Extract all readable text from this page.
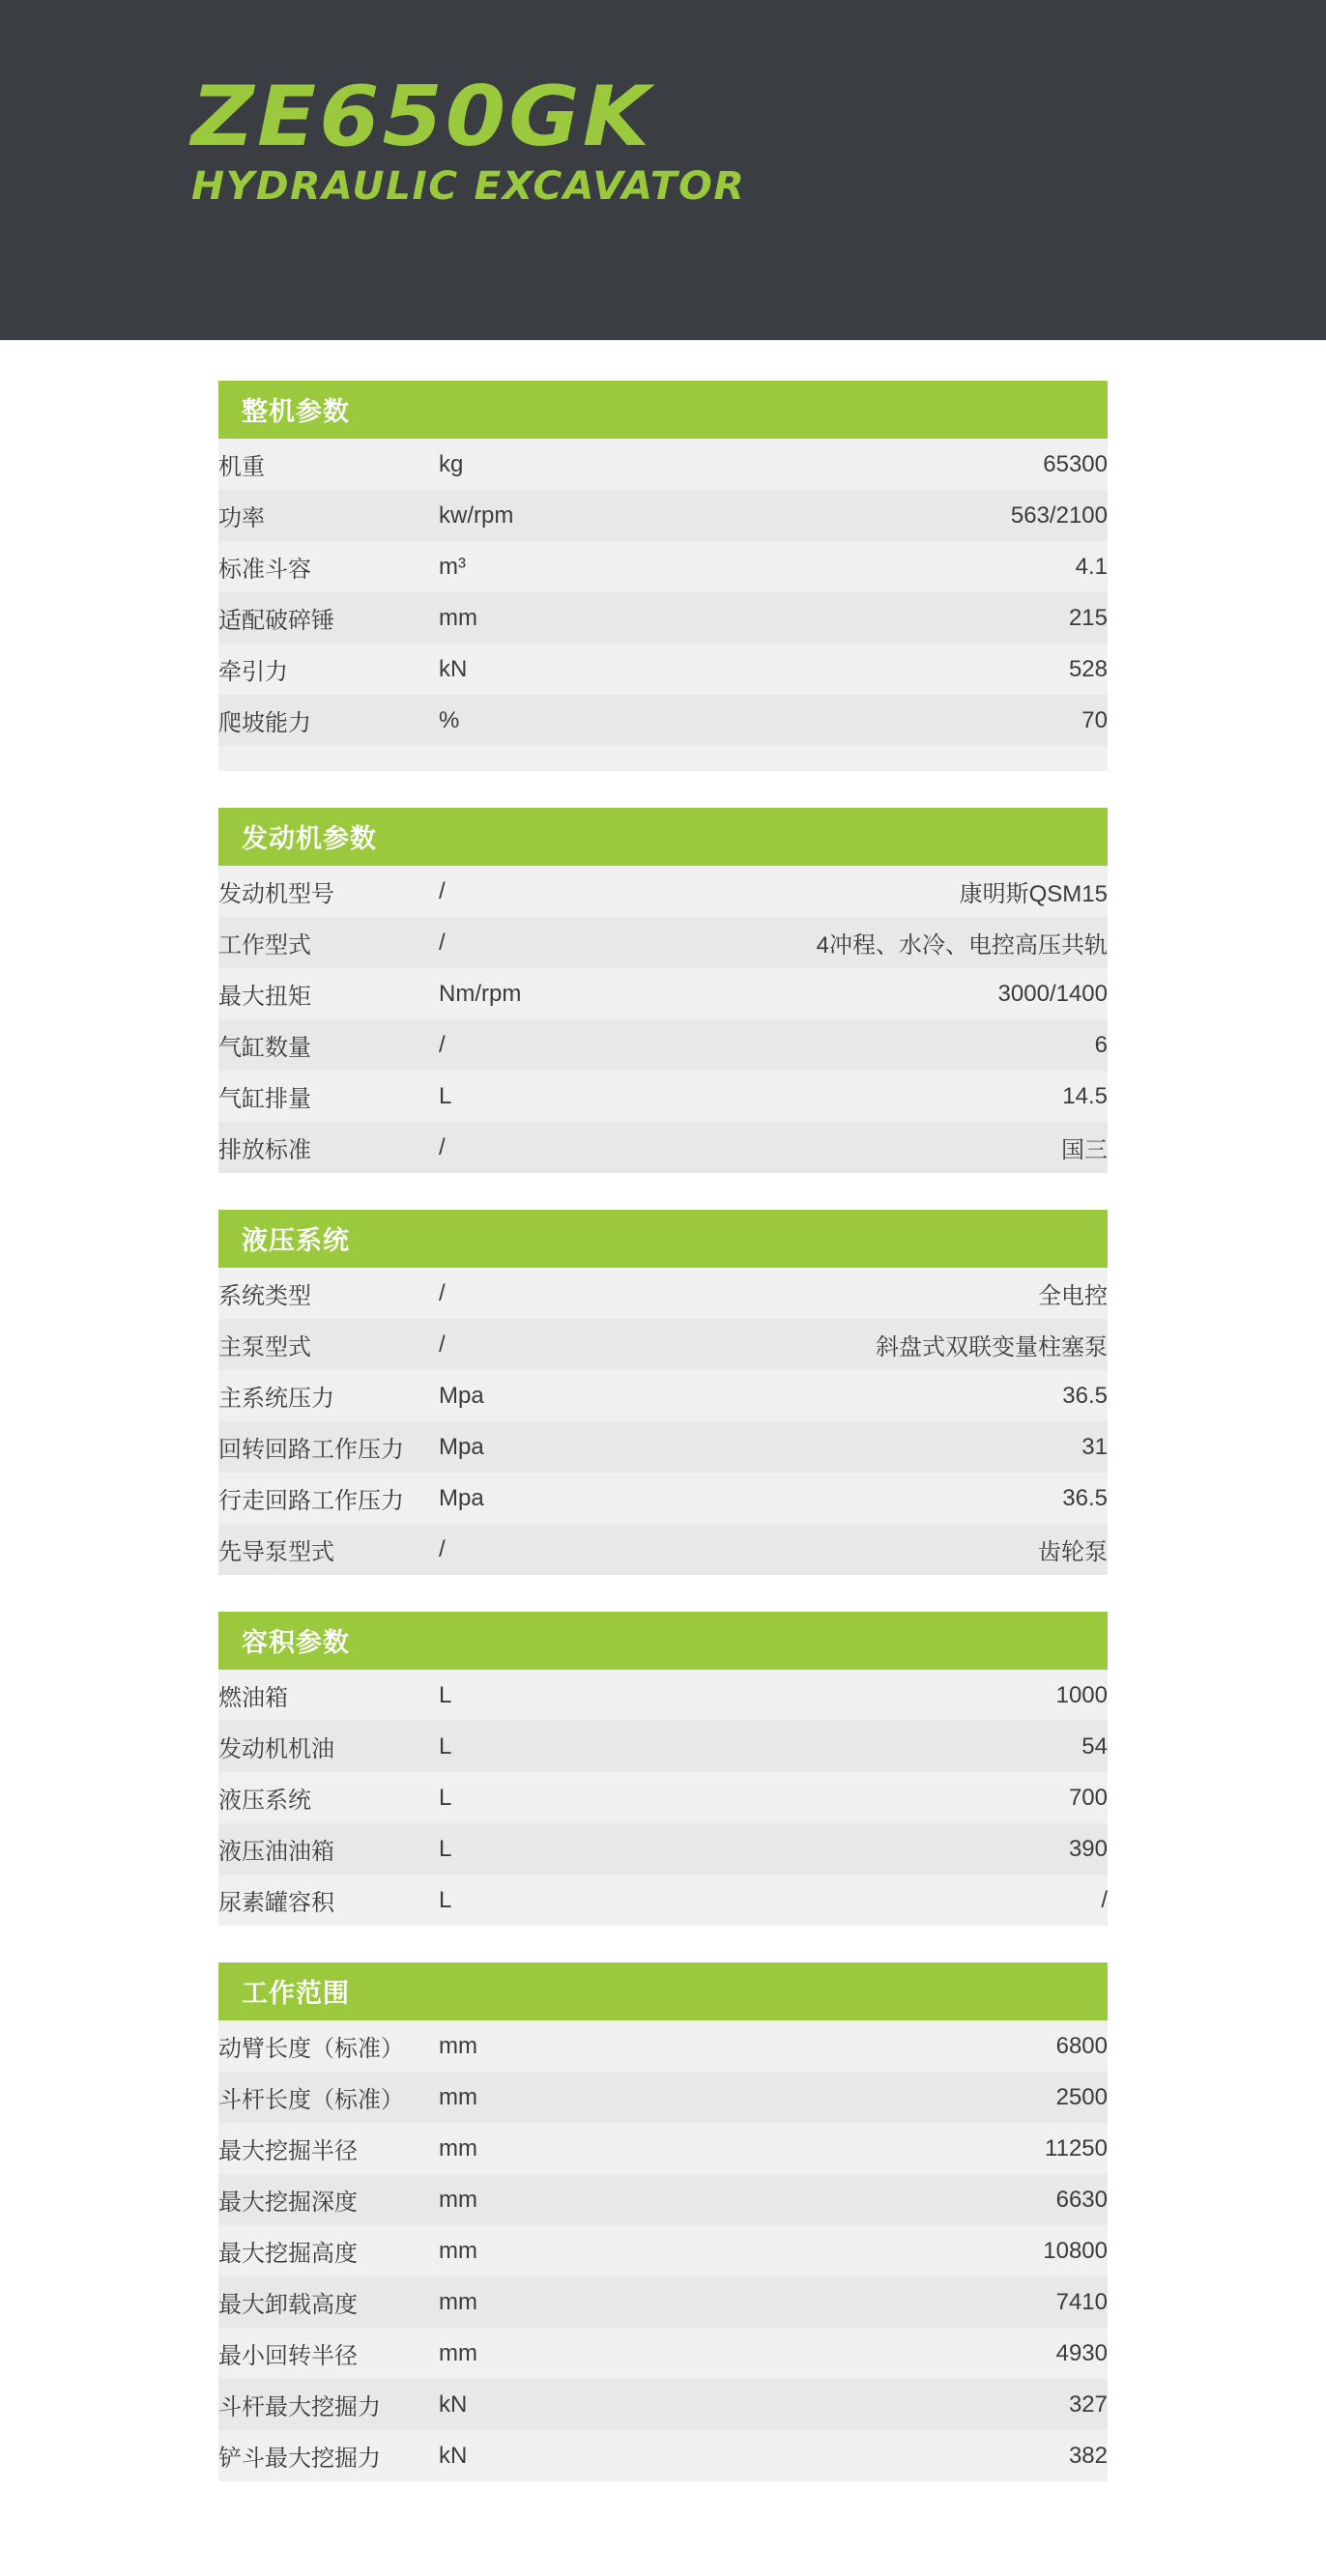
ZE650GK
HYDRAULIC EXCAVATOR
整机参数
机重	kg	65300
功率	kw/rpm	563/2100
标准斗容	m³	4.1
适配破碎锤	mm	215
牵引力	kN	528
爬坡能力	%	70

发动机参数
发动机型号	/	康明斯QSM15
工作型式	/	4冲程、水冷、电控高压共轨
最大扭矩	Nm/rpm	3000/1400
气缸数量	/	6
气缸排量	L	14.5
排放标准	/	国三
液压系统
系统类型	/	全电控
主泵型式	/	斜盘式双联变量柱塞泵
主系统压力	Mpa	36.5
回转回路工作压力	Mpa	31
行走回路工作压力	Mpa	36.5
先导泵型式	/	齿轮泵
容积参数
燃油箱	L	1000
发动机机油	L	54
液压系统	L	700
液压油油箱	L	390
尿素罐容积	L	/
工作范围
动臂长度（标准）	mm	6800
斗杆长度（标准）	mm	2500
最大挖掘半径	mm	11250
最大挖掘深度	mm	6630
最大挖掘高度	mm	10800
最大卸载高度	mm	7410
最小回转半径	mm	4930
斗杆最大挖掘力	kN	327
铲斗最大挖掘力	kN	382
